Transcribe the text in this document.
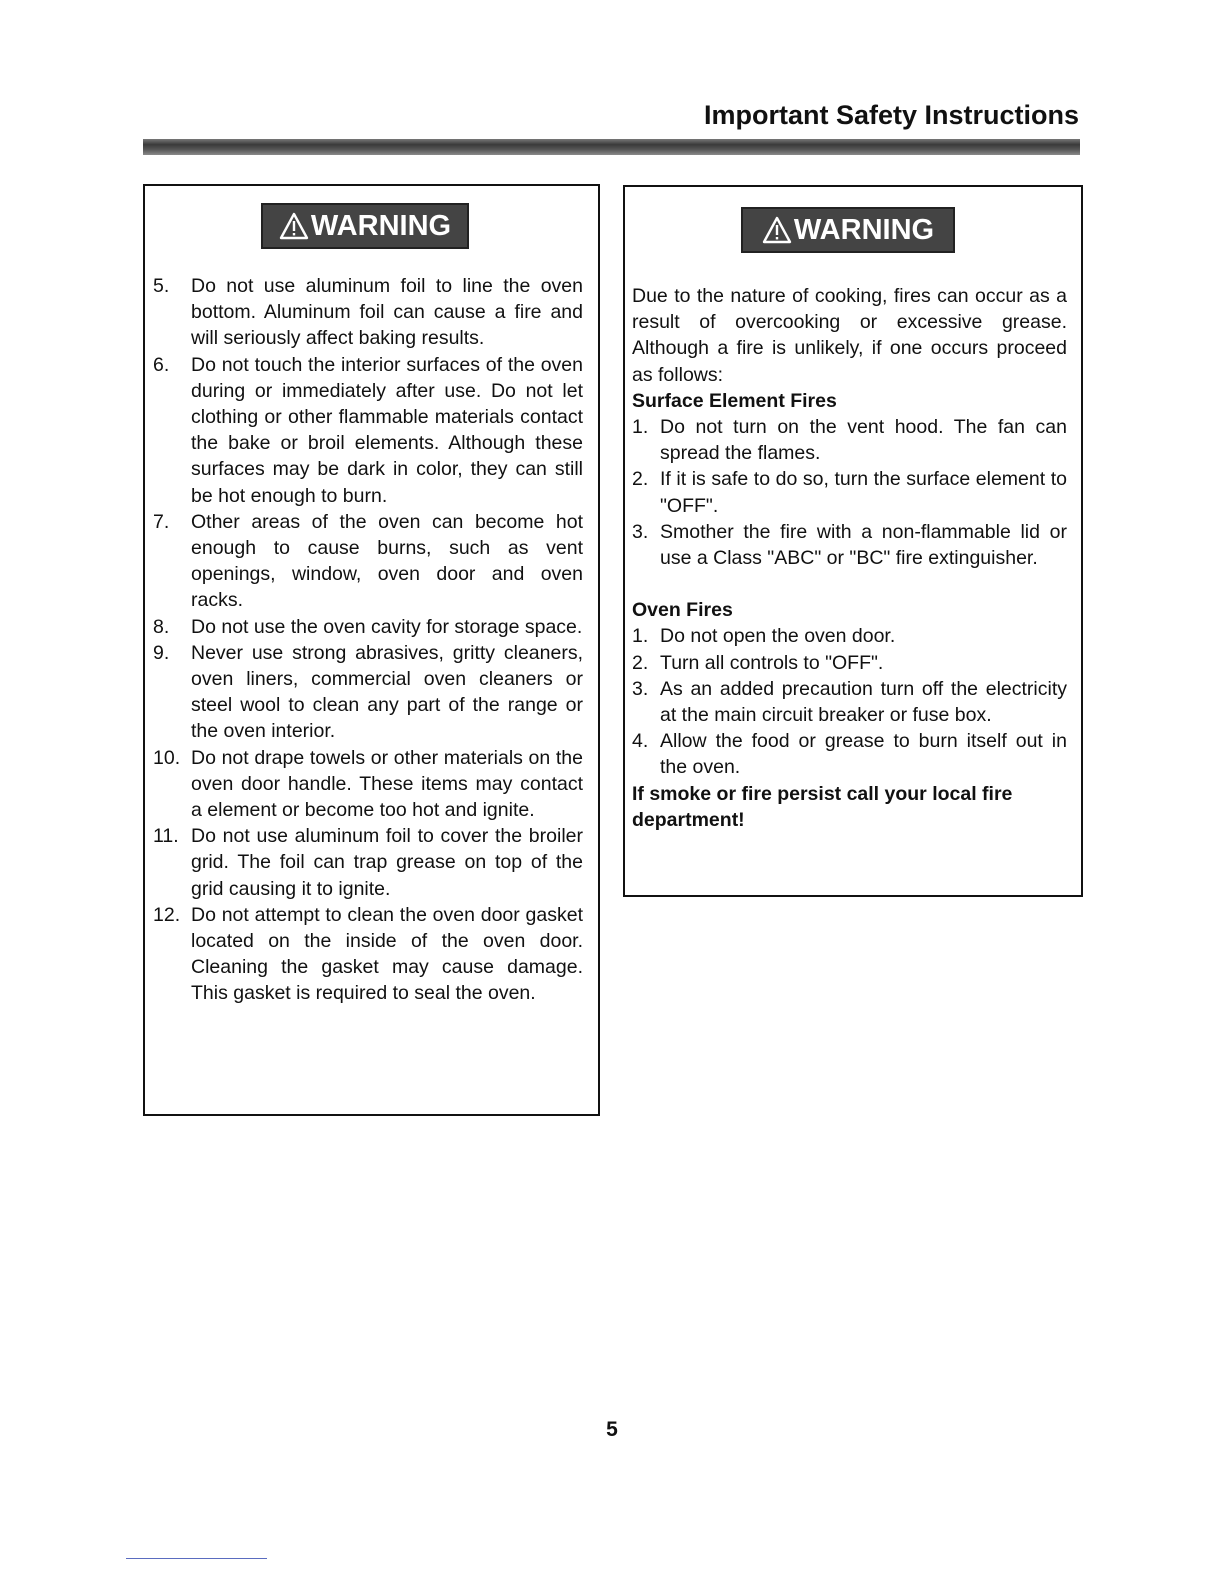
Important Safety Instructions
WARNING
5.	Do not use aluminum foil to line the oven bottom. Aluminum foil can cause a fire and will seriously affect baking results.
6.	Do not touch the interior surfaces of the oven during or immediately after use. Do not let clothing or other flammable materials contact the bake or broil elements. Although these surfaces may be dark in color, they can still be hot enough to burn.
7.	Other areas of the oven can become hot enough to cause burns, such as vent openings, window, oven door and oven racks.
8.	Do not use the oven cavity for storage space.
9.	Never use strong abrasives, gritty cleaners, oven liners, commercial oven cleaners or steel wool to clean any part of the range or the oven interior.
10. Do not drape towels or other materials on the oven door handle. These items may contact a element or become too hot and ignite.
11. Do not use aluminum foil to cover the broiler grid. The foil can trap grease on top of the grid causing it to ignite.
12. Do not attempt to clean the oven door gasket located on the inside of the oven door. Cleaning the gasket may cause damage. This gasket is required to seal the oven.
WARNING
Due to the nature of cooking, fires can occur as a result of overcooking or excessive grease. Although a fire is unlikely, if one occurs proceed as follows:
Surface Element Fires
1. Do not turn on the vent hood. The fan can spread the flames.
2. If it is safe to do so, turn the surface element to "OFF".
3. Smother the fire with a non-flammable lid or use a Class "ABC" or "BC" fire extinguisher.
Oven Fires
1. Do not open the oven door.
2. Turn all controls to "OFF".
3. As an added precaution turn off the electricity at the main circuit breaker or fuse box.
4. Allow the food or grease to burn itself out in the oven.
If smoke or fire persist call your local fire department!
5
